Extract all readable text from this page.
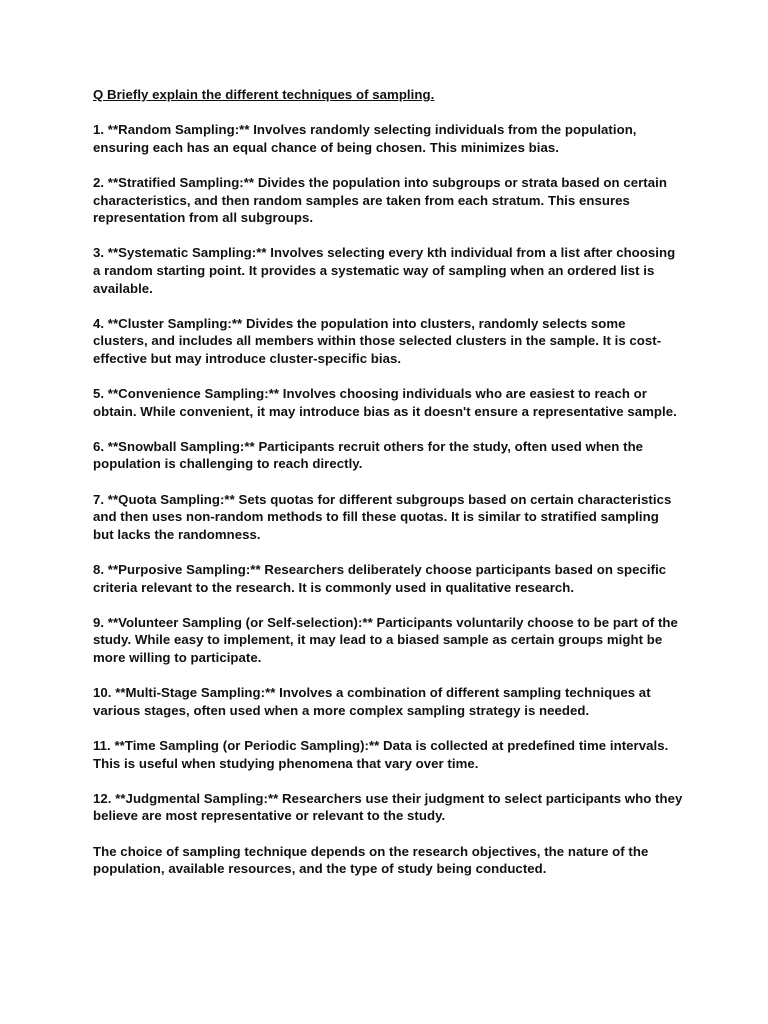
Q Briefly explain the different techniques of sampling.

1. **Random Sampling:** Involves randomly selecting individuals from the population, ensuring each has an equal chance of being chosen. This minimizes bias.

2. **Stratified Sampling:** Divides the population into subgroups or strata based on certain characteristics, and then random samples are taken from each stratum. This ensures representation from all subgroups.

3. **Systematic Sampling:** Involves selecting every kth individual from a list after choosing a random starting point. It provides a systematic way of sampling when an ordered list is available.

4. **Cluster Sampling:** Divides the population into clusters, randomly selects some clusters, and includes all members within those selected clusters in the sample. It is cost-effective but may introduce cluster-specific bias.

5. **Convenience Sampling:** Involves choosing individuals who are easiest to reach or obtain. While convenient, it may introduce bias as it doesn't ensure a representative sample.

6. **Snowball Sampling:** Participants recruit others for the study, often used when the population is challenging to reach directly.

7. **Quota Sampling:** Sets quotas for different subgroups based on certain characteristics and then uses non-random methods to fill these quotas. It is similar to stratified sampling but lacks the randomness.

8. **Purposive Sampling:** Researchers deliberately choose participants based on specific criteria relevant to the research. It is commonly used in qualitative research.

9. **Volunteer Sampling (or Self-selection):** Participants voluntarily choose to be part of the study. While easy to implement, it may lead to a biased sample as certain groups might be more willing to participate.

10. **Multi-Stage Sampling:** Involves a combination of different sampling techniques at various stages, often used when a more complex sampling strategy is needed.

11. **Time Sampling (or Periodic Sampling):** Data is collected at predefined time intervals. This is useful when studying phenomena that vary over time.

12. **Judgmental Sampling:** Researchers use their judgment to select participants who they believe are most representative or relevant to the study.

The choice of sampling technique depends on the research objectives, the nature of the population, available resources, and the type of study being conducted.
